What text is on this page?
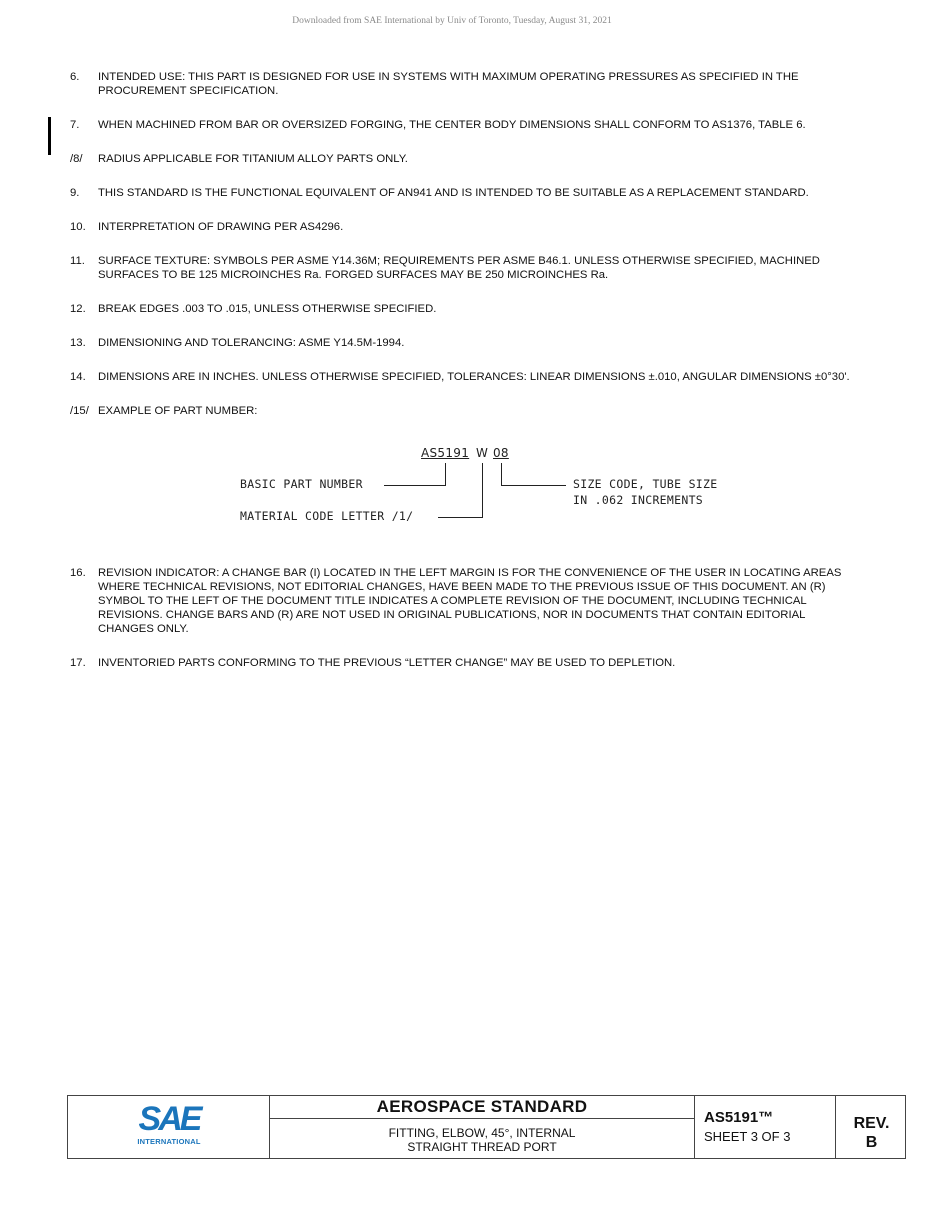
Downloaded from SAE International by Univ of Toronto, Tuesday, August 31, 2021
6. INTENDED USE: THIS PART IS DESIGNED FOR USE IN SYSTEMS WITH MAXIMUM OPERATING PRESSURES AS SPECIFIED IN THE PROCUREMENT SPECIFICATION.
7. WHEN MACHINED FROM BAR OR OVERSIZED FORGING, THE CENTER BODY DIMENSIONS SHALL CONFORM TO AS1376, TABLE 6.
/8/ RADIUS APPLICABLE FOR TITANIUM ALLOY PARTS ONLY.
9. THIS STANDARD IS THE FUNCTIONAL EQUIVALENT OF AN941 AND IS INTENDED TO BE SUITABLE AS A REPLACEMENT STANDARD.
10. INTERPRETATION OF DRAWING PER AS4296.
11. SURFACE TEXTURE: SYMBOLS PER ASME Y14.36M; REQUIREMENTS PER ASME B46.1. UNLESS OTHERWISE SPECIFIED, MACHINED SURFACES TO BE 125 MICROINCHES Ra. FORGED SURFACES MAY BE 250 MICROINCHES Ra.
12. BREAK EDGES .003 TO .015, UNLESS OTHERWISE SPECIFIED.
13. DIMENSIONING AND TOLERANCING: ASME Y14.5M-1994.
14. DIMENSIONS ARE IN INCHES. UNLESS OTHERWISE SPECIFIED, TOLERANCES: LINEAR DIMENSIONS ±.010, ANGULAR DIMENSIONS ±0°30'.
/15/ EXAMPLE OF PART NUMBER:
AS5191 W 08
BASIC PART NUMBER
MATERIAL CODE LETTER /1/
SIZE CODE, TUBE SIZE
IN .062 INCREMENTS
16. REVISION INDICATOR: A CHANGE BAR (I) LOCATED IN THE LEFT MARGIN IS FOR THE CONVENIENCE OF THE USER IN LOCATING AREAS WHERE TECHNICAL REVISIONS, NOT EDITORIAL CHANGES, HAVE BEEN MADE TO THE PREVIOUS ISSUE OF THIS DOCUMENT. AN (R) SYMBOL TO THE LEFT OF THE DOCUMENT TITLE INDICATES A COMPLETE REVISION OF THE DOCUMENT, INCLUDING TECHNICAL REVISIONS. CHANGE BARS AND (R) ARE NOT USED IN ORIGINAL PUBLICATIONS, NOR IN DOCUMENTS THAT CONTAIN EDITORIAL CHANGES ONLY.
17. INVENTORIED PARTS CONFORMING TO THE PREVIOUS “LETTER CHANGE” MAY BE USED TO DEPLETION.
SAE
INTERNATIONAL
AEROSPACE STANDARD
FITTING, ELBOW, 45°, INTERNAL
STRAIGHT THREAD PORT
AS5191™
SHEET 3 OF 3
REV.
B
